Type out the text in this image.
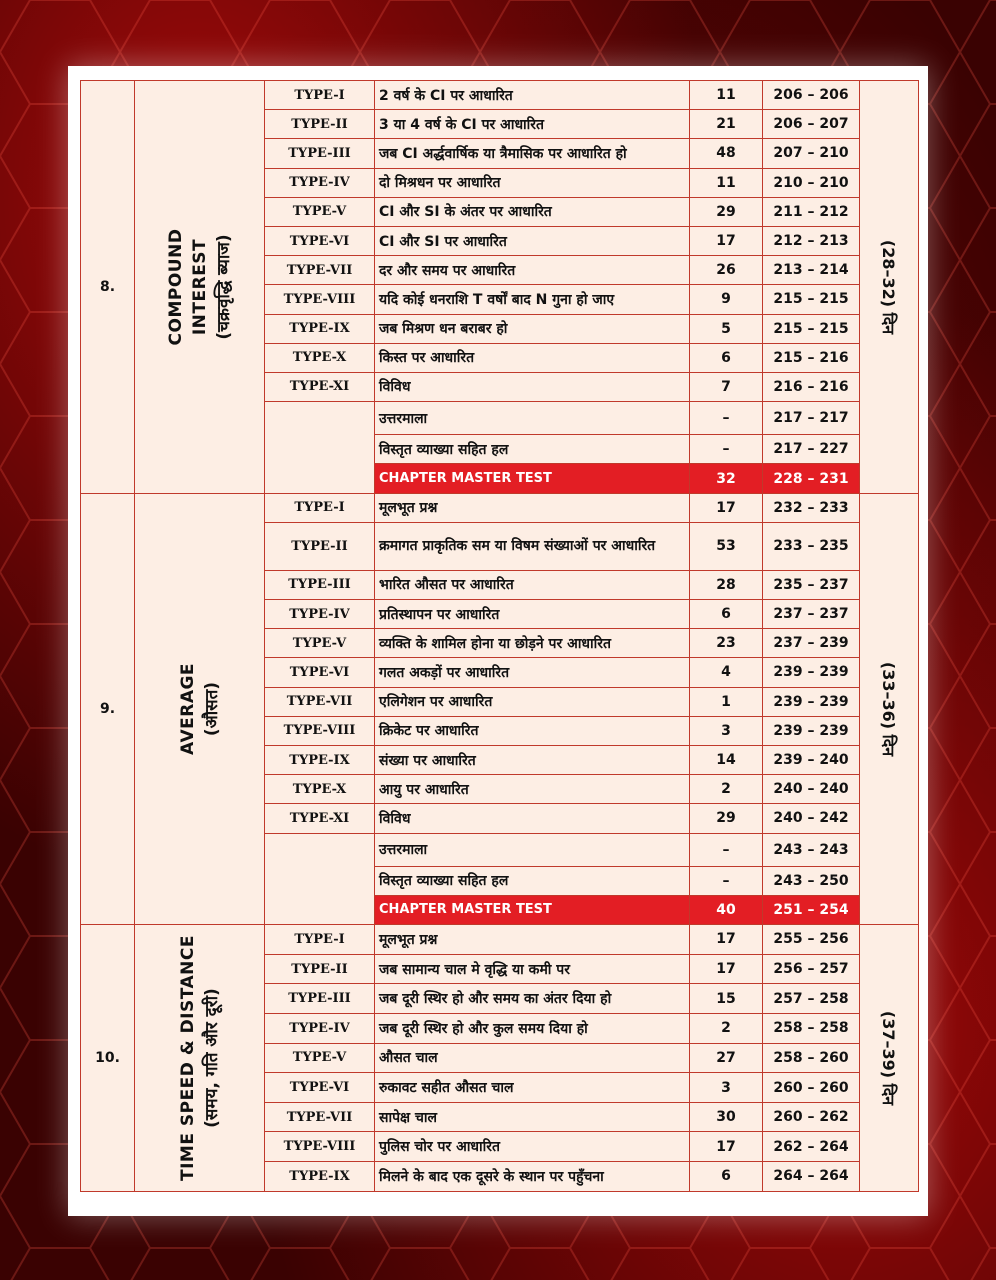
8.	COMPOUND INTEREST (चक्रवृद्धि ब्याज)	TYPE-I	2 वर्ष के CI पर आधारित	11	206 – 206	(28–32) दिन

		TYPE-II	3 या 4 वर्ष के CI पर आधारित	21	206 – 207	
		TYPE-III	जब CI अर्द्धवार्षिक या त्रैमासिक पर आधारित हो	48	207 – 210	
		TYPE-IV	दो मिश्रधन पर आधारित	11	210 – 210	
		TYPE-V	CI और SI के अंतर पर आधारित	29	211 – 212	
		TYPE-VI	CI और SI पर आधारित	17	212 – 213	
		TYPE-VII	दर और समय पर आधारित	26	213 – 214	
		TYPE-VIII	यदि कोई धनराशि T वर्षों बाद N गुना हो जाए	9	215 – 215	
		TYPE-IX	जब मिश्रण धन बराबर हो	5	215 – 215	
		TYPE-X	किस्त पर आधारित	6	215 – 216	
		TYPE-XI	विविध	7	216 – 216	
			उत्तरमाला	–	217 – 217	
			विस्तृत व्याख्या सहित हल	–	217 – 227	
			CHAPTER MASTER TEST	32	228 – 231	
9.	AVERAGE (औसत)	TYPE-I	मूलभूत प्रश्न	17	232 – 233	(33–36) दिन

		TYPE-II	क्रमागत प्राकृतिक सम या विषम संख्याओं पर आधारित	53	233 – 235	
		TYPE-III	भारित औसत पर आधारित	28	235 – 237	
		TYPE-IV	प्रतिस्थापन पर आधारित	6	237 – 237	
		TYPE-V	व्यक्ति के शामिल होना या छोड़ने पर आधारित	23	237 – 239	
		TYPE-VI	गलत अकड़ों पर आधारित	4	239 – 239	
		TYPE-VII	एलिगेशन पर आधारित	1	239 – 239	
		TYPE-VIII	क्रिकेट पर आधारित	3	239 – 239	
		TYPE-IX	संख्या पर आधारित	14	239 – 240	
		TYPE-X	आयु पर आधारित	2	240 – 240	
		TYPE-XI	विविध	29	240 – 242	
			उत्तरमाला	–	243 – 243	
			विस्तृत व्याख्या सहित हल	–	243 – 250	
			CHAPTER MASTER TEST	40	251 – 254	
10.	TIME SPEED & DISTANCE (समय, गति और दूरी)	TYPE-I	मूलभूत प्रश्न	17	255 – 256	(37–39) दिन

		TYPE-II	जब सामान्य चाल मे वृद्धि या कमी पर	17	256 – 257	
		TYPE-III	जब दूरी स्थिर हो और समय का अंतर दिया हो	15	257 – 258	
		TYPE-IV	जब दूरी स्थिर हो और कुल समय दिया हो	2	258 – 258	
		TYPE-V	औसत चाल	27	258 – 260	
		TYPE-VI	रुकावट सहीत औसत चाल	3	260 – 260	
		TYPE-VII	सापेक्ष चाल	30	260 – 262	
		TYPE-VIII	पुलिस चोर पर आधारित	17	262 – 264	
		TYPE-IX	मिलने के बाद एक दूसरे के स्थान पर पहुँचना	6	264 – 264	
